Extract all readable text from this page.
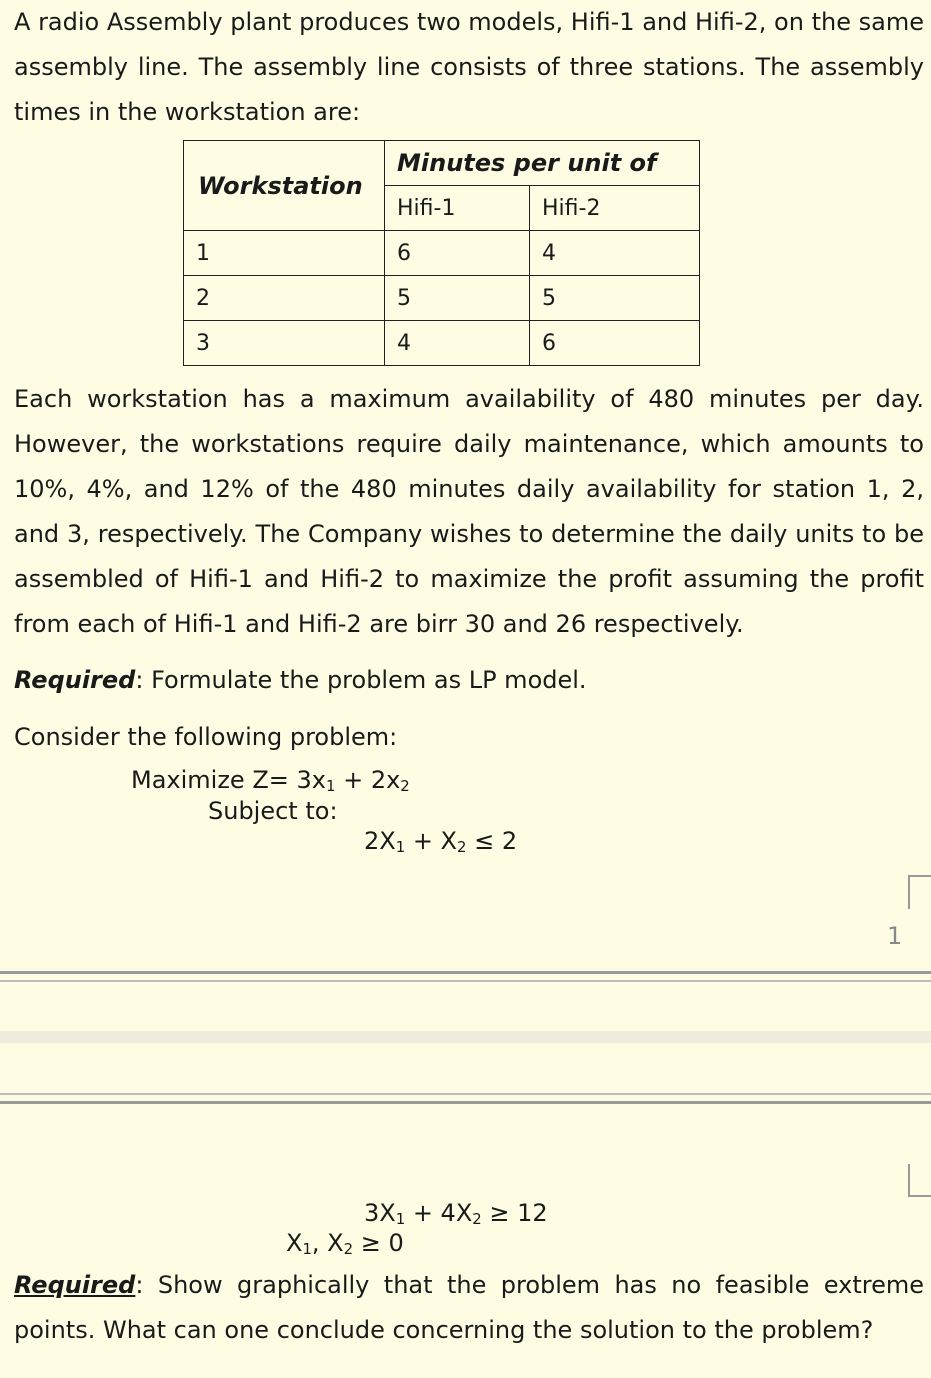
A radio Assembly plant produces two models, Hifi-1 and Hifi-2, on the same assembly line. The assembly line consists of three stations. The assembly times in the workstation are:

Workstation	Minutes per unit of	
	Hifi-1	Hifi-2
1	6	4
2	5	5
3	4	6

Each workstation has a maximum availability of 480 minutes per day. However, the workstations require daily maintenance, which amounts to 10%, 4%, and 12% of the 480 minutes daily availability for station 1, 2, and 3, respectively. The Company wishes to determine the daily units to be assembled of Hifi-1 and Hifi-2 to maximize the profit assuming the profit from each of Hifi-1 and Hifi-2 are birr 30 and 26 respectively.

Required: Formulate the problem as LP model.
Consider the following problem:
Maximize $Z= 3x_1 + 2x_2$
Subject to:
$2X_1 + X_2 \le 2$
1
$3X_1 + 4X_2 \ge 12$
$X_1$, $X_2 \ge 0$

Required: Show graphically that the problem has no feasible extreme points. What can one conclude concerning the solution to the problem?
